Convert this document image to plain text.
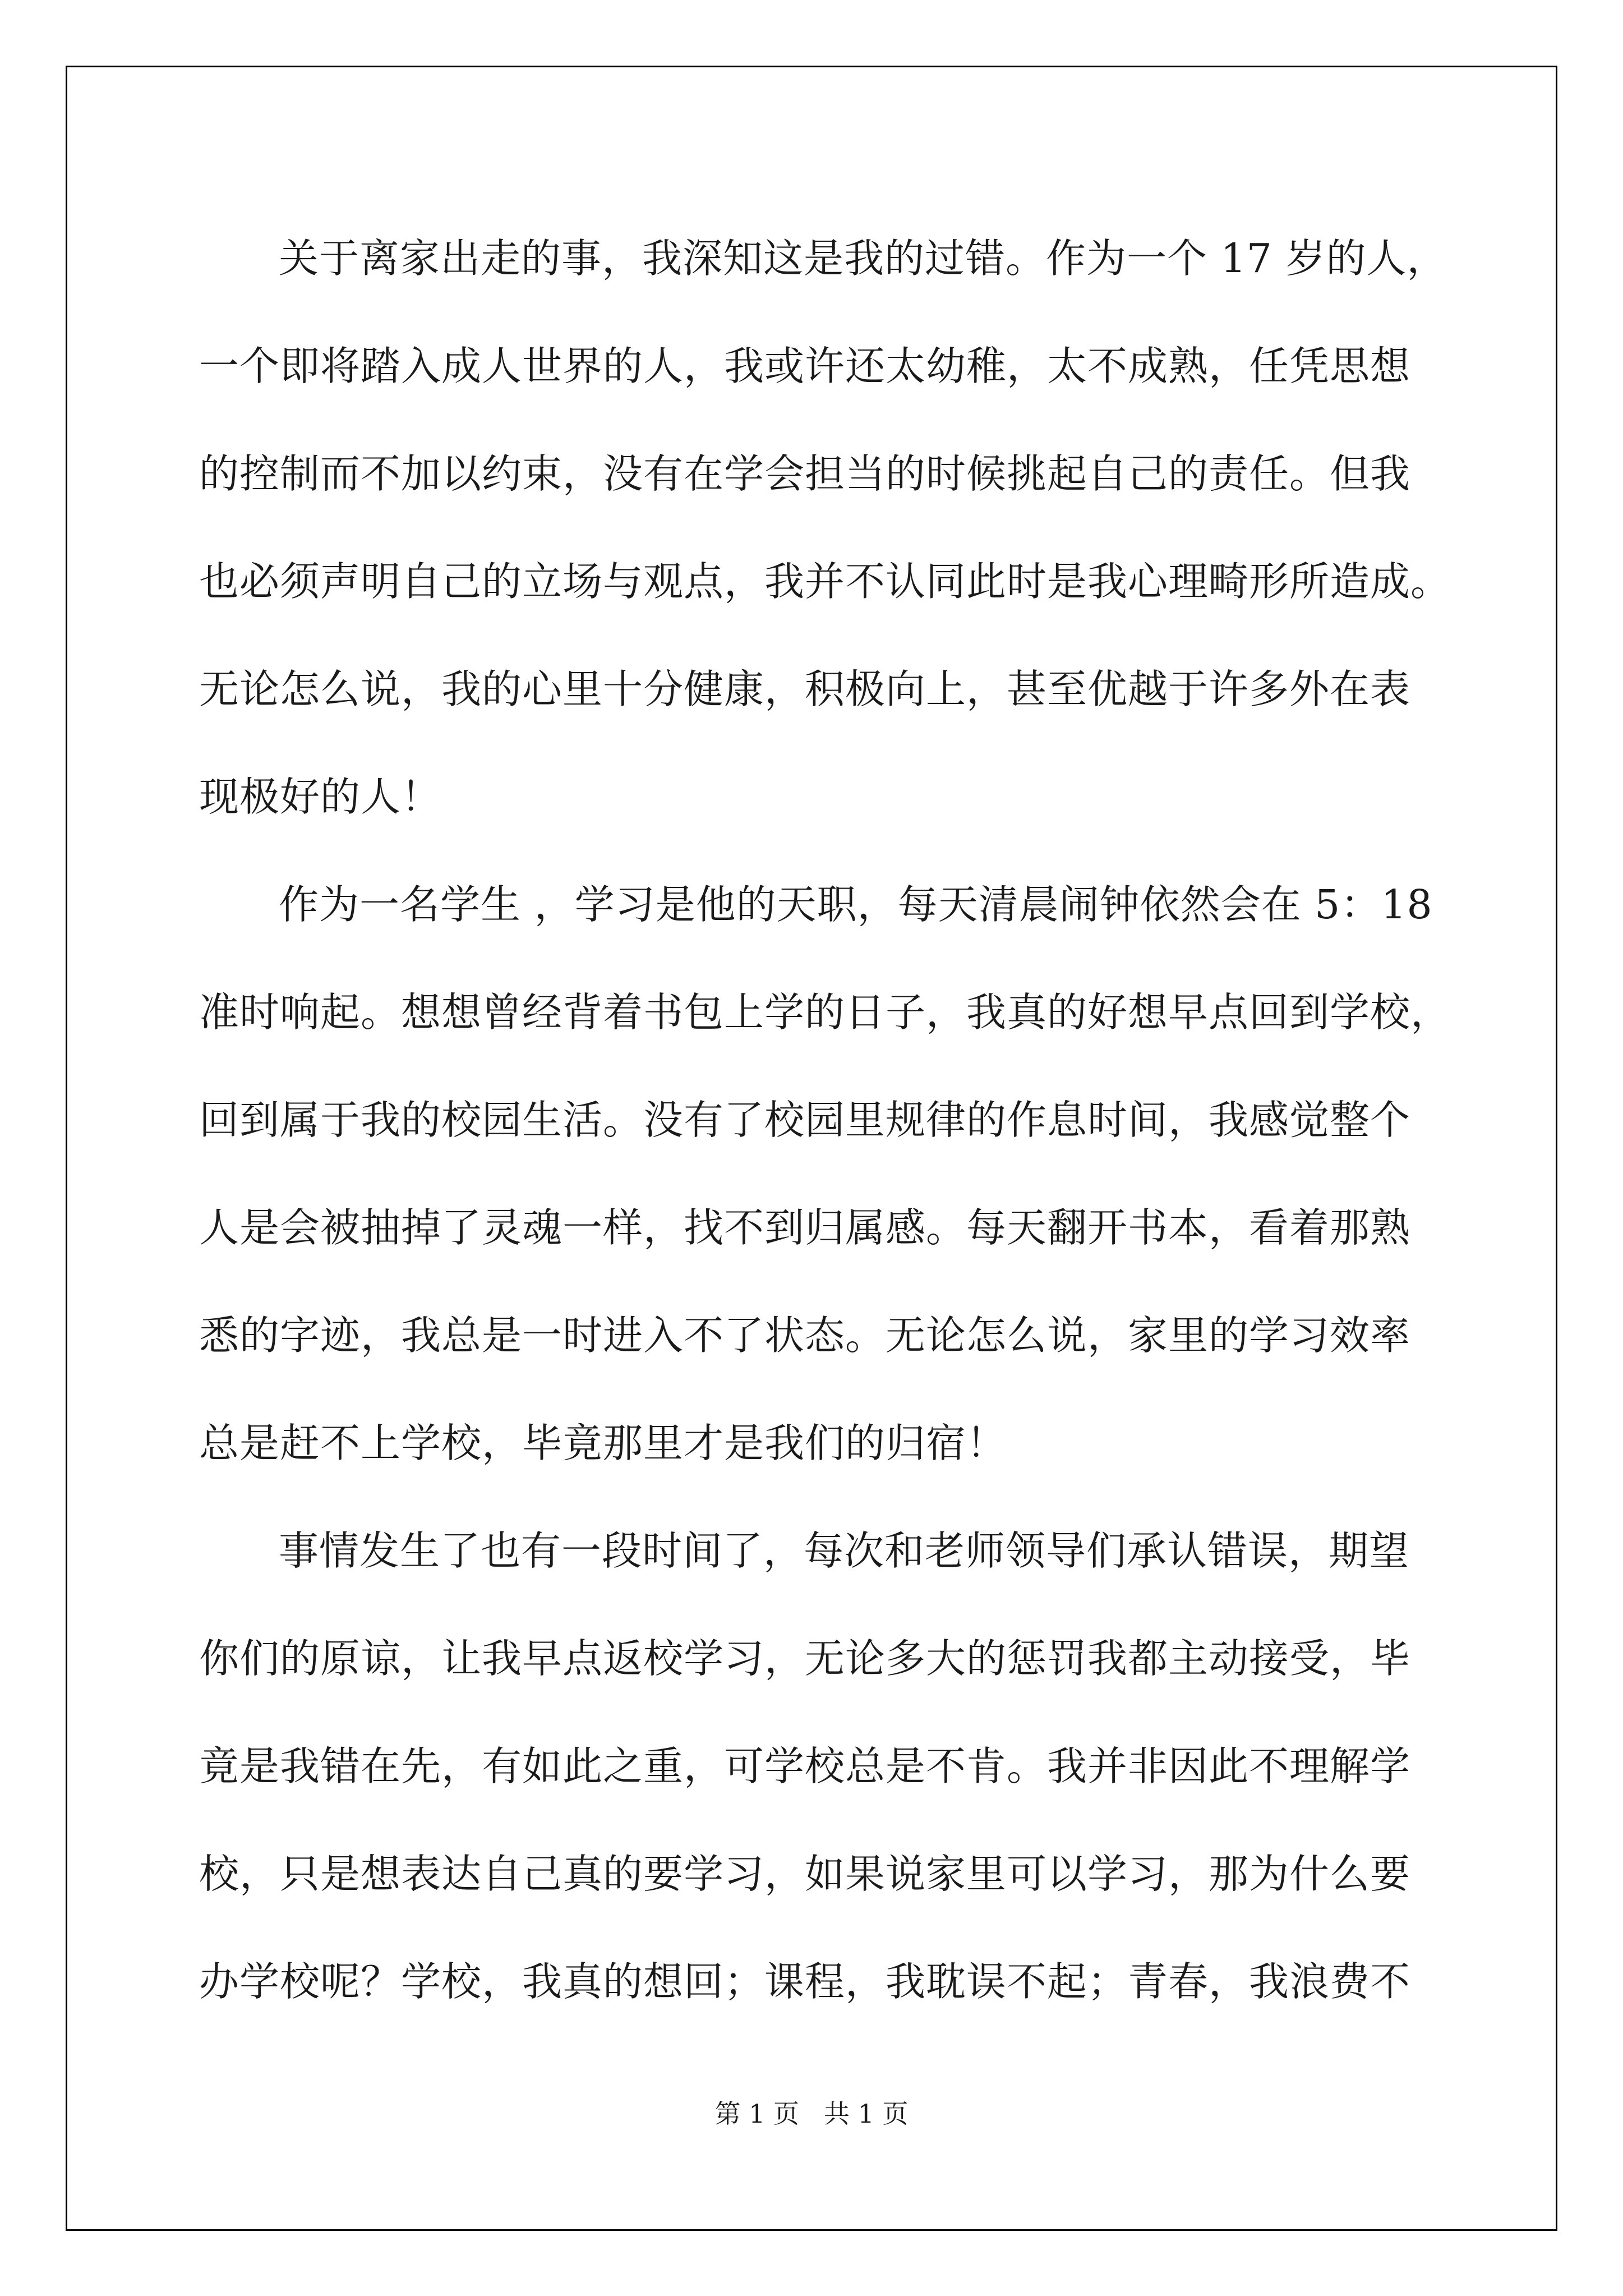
关于离家出走的事，我深知这是我的过错。作为一个 17 岁的人，
一个即将踏入成人世界的人，我或许还太幼稚，太不成熟，任凭思想
的控制而不加以约束，没有在学会担当的时候挑起自己的责任。但我
也必须声明自己的立场与观点，我并不认同此时是我心理畸形所造成。
无论怎么说，我的心里十分健康，积极向上，甚至优越于许多外在表
现极好的人！
作为一名学生 ，学习是他的天职，每天清晨闹钟依然会在 5：18
准时响起。想想曾经背着书包上学的日子，我真的好想早点回到学校，
回到属于我的校园生活。没有了校园里规律的作息时间，我感觉整个
人是会被抽掉了灵魂一样，找不到归属感。每天翻开书本，看着那熟
悉的字迹，我总是一时进入不了状态。无论怎么说，家里的学习效率
总是赶不上学校，毕竟那里才是我们的归宿！
事情发生了也有一段时间了，每次和老师领导们承认错误，期望
你们的原谅，让我早点返校学习，无论多大的惩罚我都主动接受，毕
竟是我错在先，有如此之重，可学校总是不肯。我并非因此不理解学
校，只是想表达自己真的要学习，如果说家里可以学习，那为什么要
办学校呢？学校，我真的想回；课程，我耽误不起；青春，我浪费不
第 1 页 共 1 页
